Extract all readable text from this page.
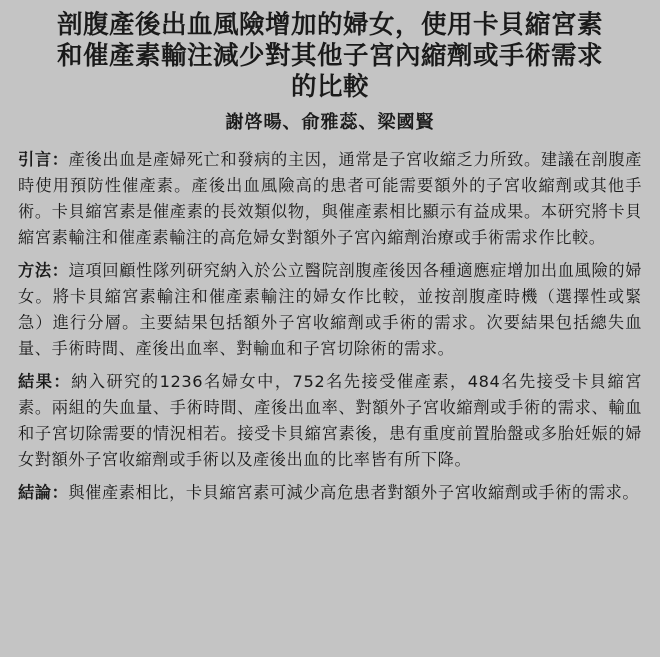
剖腹產後出血風險增加的婦女，使用卡貝縮宮素
和催產素輸注減少對其他子宮內縮劑或手術需求
的比較
謝啓暘、俞雅蕊、梁國賢

引言：產後出血是產婦死亡和發病的主因，通常是子宮收縮乏力所致。建議在剖腹產時使用預防性催產素。產後出血風險高的患者可能需要額外的子宮收縮劑或其他手術。卡貝縮宮素是催產素的長效類似物，與催產素相比顯示有益成果。本研究將卡貝縮宮素輸注和催產素輸注的高危婦女對額外子宮內縮劑治療或手術需求作比較。

方法：這項回顧性隊列研究納入於公立醫院剖腹產後因各種適應症增加出血風險的婦女。將卡貝縮宮素輸注和催產素輸注的婦女作比較，並按剖腹產時機（選擇性或緊急）進行分層。主要結果包括額外子宮收縮劑或手術的需求。次要結果包括總失血量、手術時間、產後出血率、對輸血和子宮切除術的需求。

結果：納入研究的1236名婦女中，752名先接受催產素，484名先接受卡貝縮宮素。兩組的失血量、手術時間、產後出血率、對額外子宮收縮劑或手術的需求、輸血和子宮切除需要的情況相若。接受卡貝縮宮素後，患有重度前置胎盤或多胎妊娠的婦女對額外子宮收縮劑或手術以及產後出血的比率皆有所下降。

結論：與催產素相比，卡貝縮宮素可減少高危患者對額外子宮收縮劑或手術的需求。
